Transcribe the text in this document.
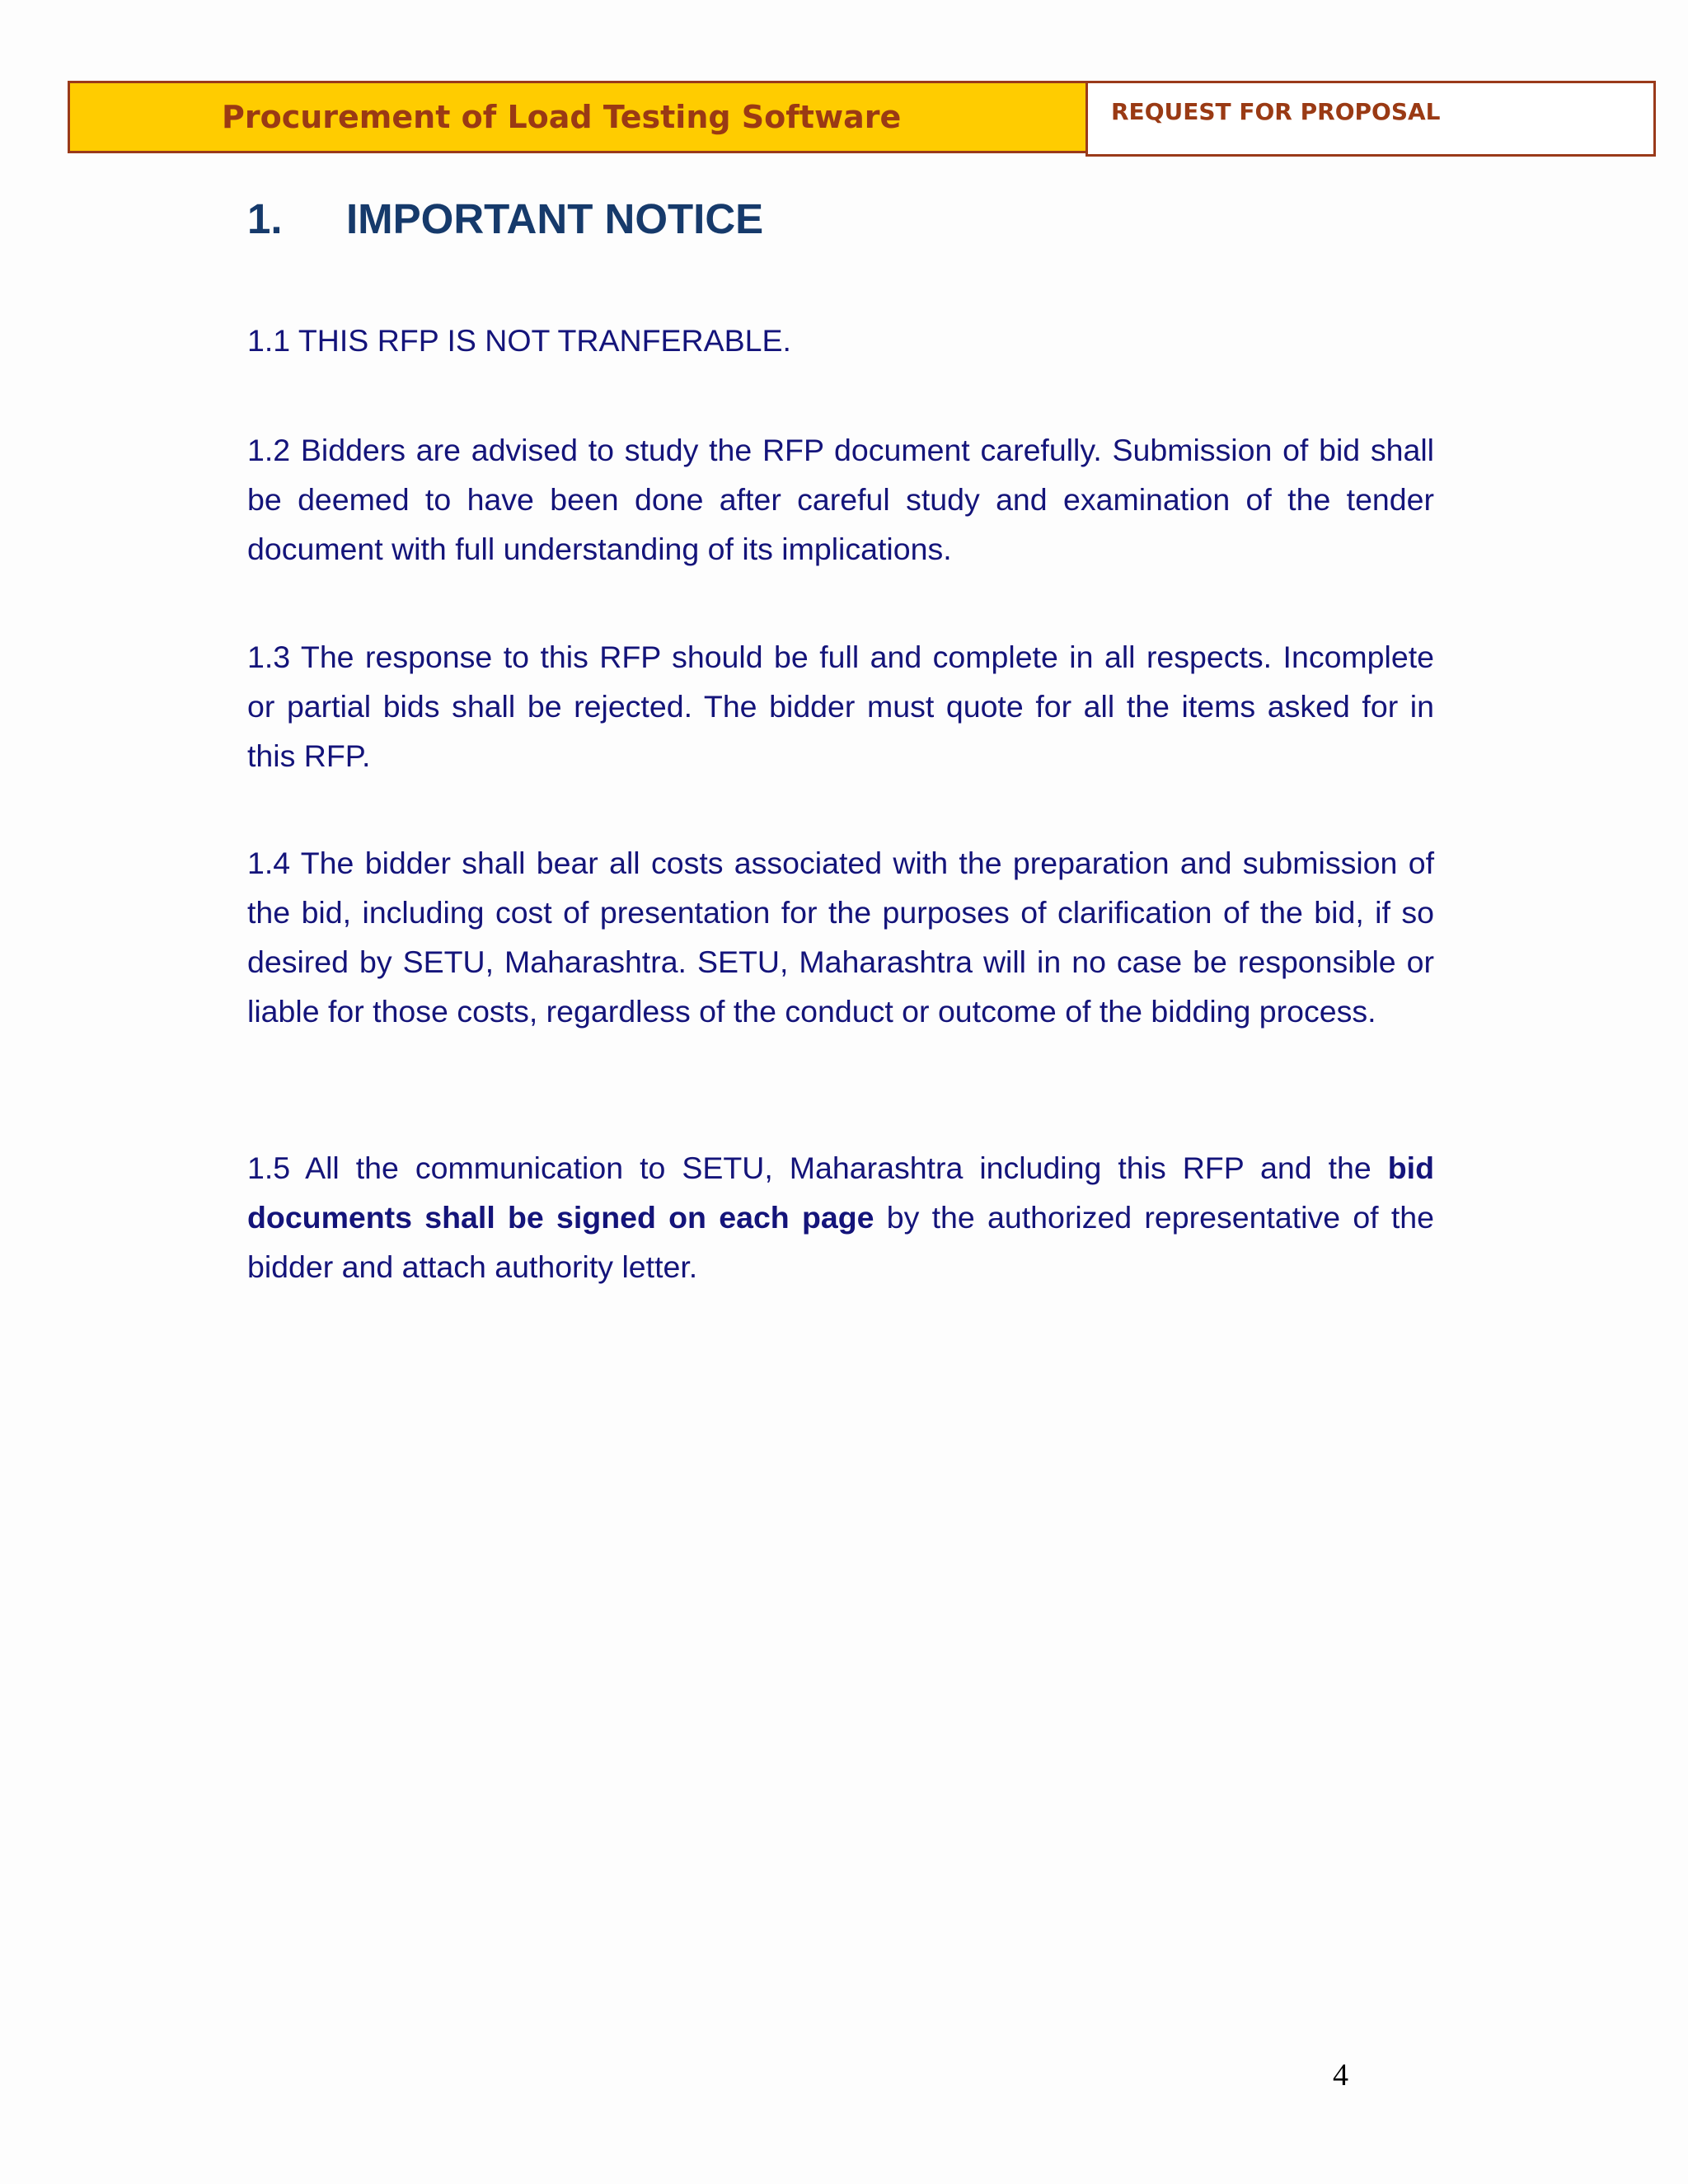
Procurement of Load Testing Software	REQUEST FOR PROPOSAL
1.	IMPORTANT NOTICE

1.1 THIS RFP IS NOT TRANFERABLE.

1.2 Bidders are advised to study the RFP document carefully. Submission of bid shall be deemed to have been done after careful study and examination of the tender document with full understanding of its implications.

1.3 The response to this RFP should be full and complete in all respects. Incomplete or partial bids shall be rejected. The bidder must quote for all the items asked for in this RFP.

1.4 The bidder shall bear all costs associated with the preparation and submission of the bid, including cost of presentation for the purposes of clarification of the bid, if so desired by SETU, Maharashtra. SETU, Maharashtra will in no case be responsible or liable for those costs, regardless of the conduct or outcome of the bidding process.

1.5 All the communication to SETU, Maharashtra including this RFP and the bid documents shall be signed on each page by the authorized representative of the bidder and attach authority letter.

4
